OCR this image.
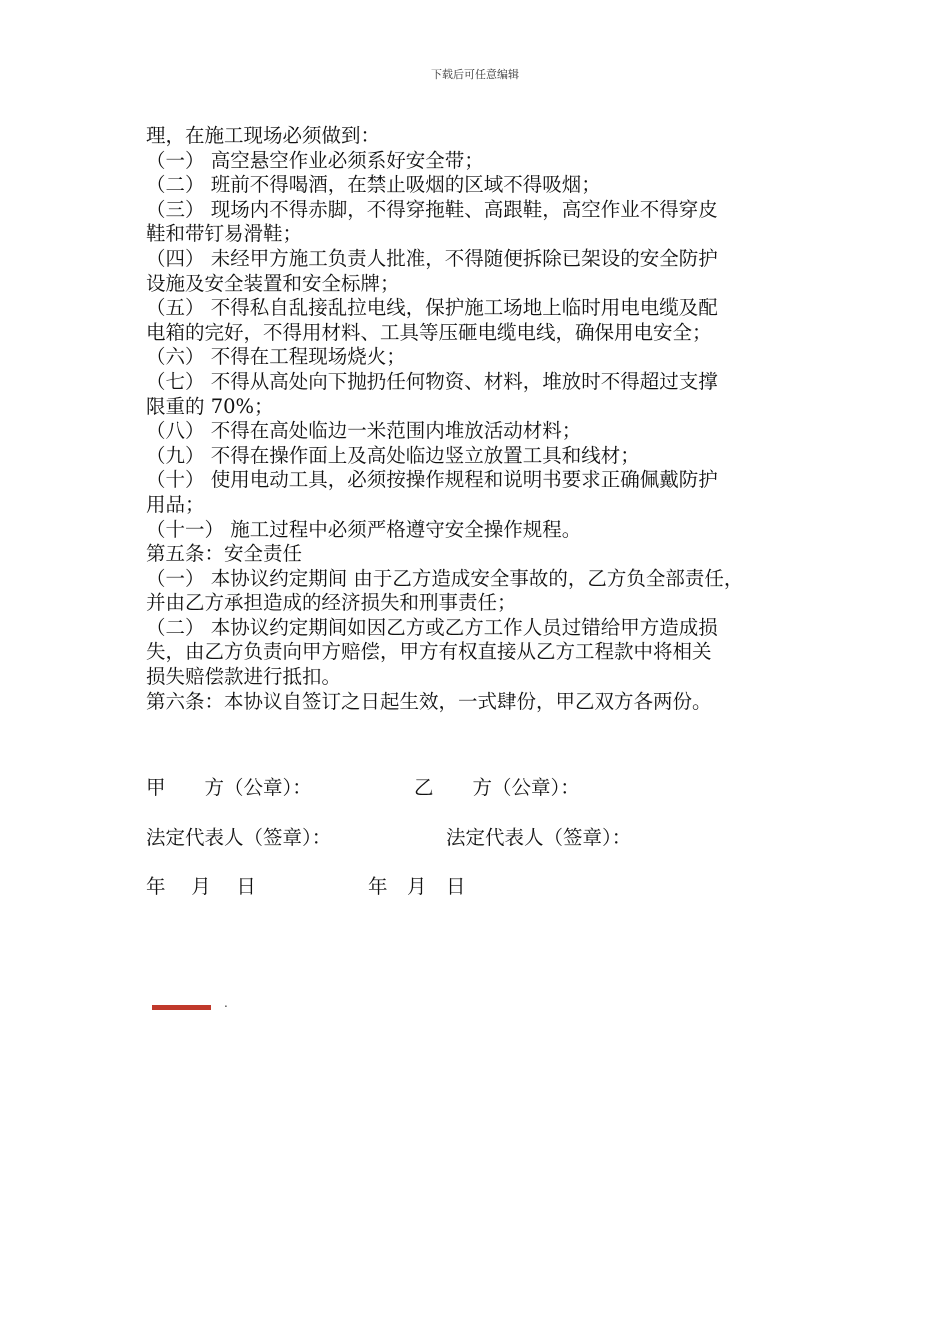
下载后可任意编辑
理，在施工现场必须做到：
（一） 高空悬空作业必须系好安全带；
（二） 班前不得喝酒，在禁止吸烟的区域不得吸烟；
（三） 现场内不得赤脚，不得穿拖鞋、高跟鞋，高空作业不得穿皮
鞋和带钉易滑鞋；
（四） 未经甲方施工负责人批准，不得随便拆除已架设的安全防护
设施及安全装置和安全标牌；
（五） 不得私自乱接乱拉电线，保护施工场地上临时用电电缆及配
电箱的完好，不得用材料、工具等压砸电缆电线，确保用电安全；
（六） 不得在工程现场烧火；
（七） 不得从高处向下抛扔任何物资、材料，堆放时不得超过支撑
限重的 70%；
（八） 不得在高处临边一米范围内堆放活动材料；
（九） 不得在操作面上及高处临边竖立放置工具和线材；
（十） 使用电动工具，必须按操作规程和说明书要求正确佩戴防护
用品；
（十一） 施工过程中必须严格遵守安全操作规程。
第五条：安全责任
（一） 本协议约定期间 由于乙方造成安全事故的，乙方负全部责任，
并由乙方承担造成的经济损失和刑事责任；
（二） 本协议约定期间如因乙方或乙方工作人员过错给甲方造成损
失，由乙方负责向甲方赔偿，甲方有权直接从乙方工程款中将相关
损失赔偿款进行抵扣。
第六条：本协议自签订之日起生效，一式肆份，甲乙双方各两份。
甲　　方（公章）：	乙　　方（公章）：
法定代表人（签章）：	法定代表人（签章）：
年　 月　 日	年　月　日
.
